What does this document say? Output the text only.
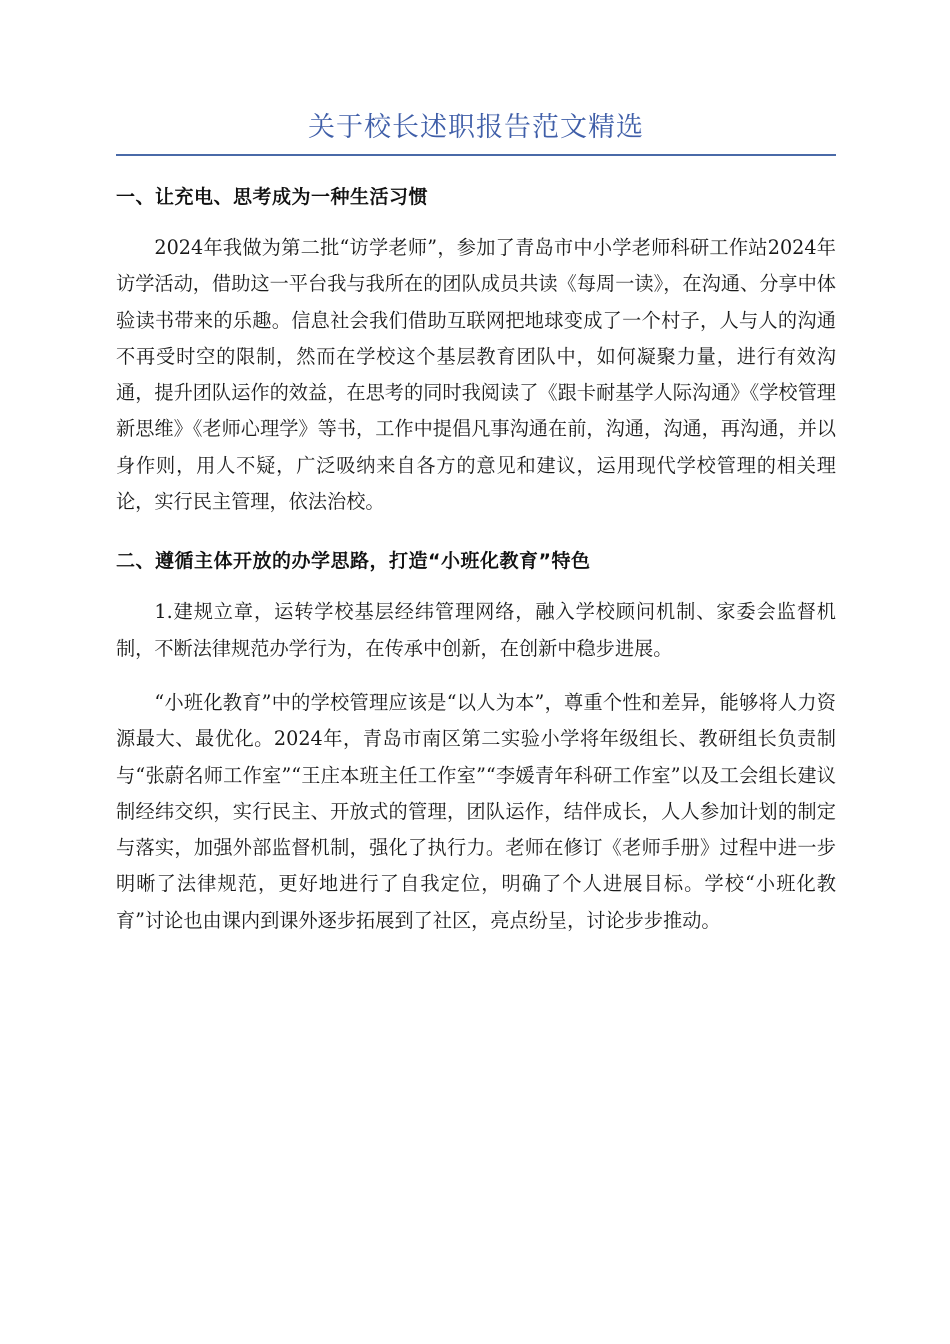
关于校长述职报告范文精选
一、让充电、思考成为一种生活习惯

2024年我做为第二批“访学老师”，参加了青岛市中小学老师科研工作站2024年访学活动，借助这一平台我与我所在的团队成员共读《每周一读》，在沟通、分享中体验读书带来的乐趣。信息社会我们借助互联网把地球变成了一个村子，人与人的沟通不再受时空的限制，然而在学校这个基层教育团队中，如何凝聚力量，进行有效沟通，提升团队运作的效益，在思考的同时我阅读了《跟卡耐基学人际沟通》《学校管理新思维》《老师心理学》等书，工作中提倡凡事沟通在前，沟通，沟通，再沟通，并以身作则，用人不疑，广泛吸纳来自各方的意见和建议，运用现代学校管理的相关理论，实行民主管理，依法治校。

二、遵循主体开放的办学思路，打造“小班化教育”特色

1.建规立章，运转学校基层经纬管理网络，融入学校顾问机制、家委会监督机制，不断法律规范办学行为，在传承中创新，在创新中稳步进展。

“小班化教育”中的学校管理应该是“以人为本”，尊重个性和差异，能够将人力资源最大、最优化。2024年，青岛市南区第二实验小学将年级组长、教研组长负责制与“张蔚名师工作室”“王庄本班主任工作室”“李媛青年科研工作室”以及工会组长建议制经纬交织，实行民主、开放式的管理，团队运作，结伴成长，人人参加计划的制定与落实，加强外部监督机制，强化了执行力。老师在修订《老师手册》过程中进一步明晰了法律规范，更好地进行了自我定位，明确了个人进展目标。学校“小班化教育”讨论也由课内到课外逐步拓展到了社区，亮点纷呈，讨论步步推动。
